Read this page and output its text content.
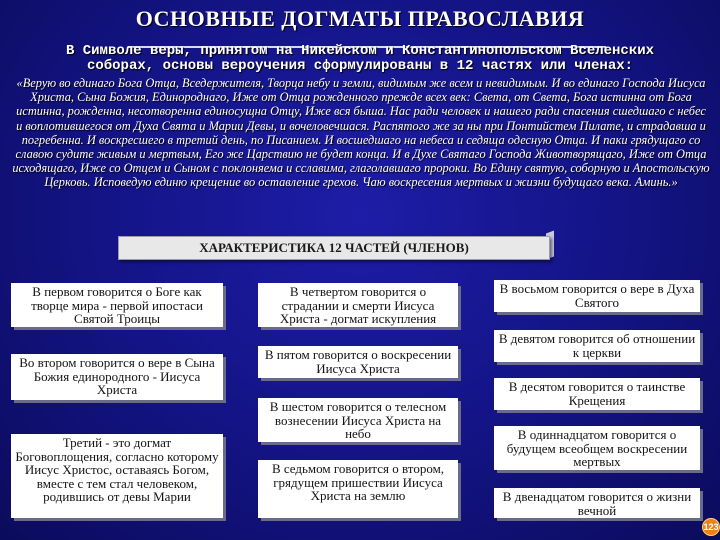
ОСНОВНЫЕ ДОГМАТЫ ПРАВОСЛАВИЯ
В Символе веры, принятом на Никейском и Константинопольском Вселенских соборах, основы вероучения сформулированы в 12 частях или членах:
«Верую во единаго Бога Отца, Вседержителя, Творца небу и земли, видимым же всем и невидимым. И во единаго Господа Иисуса Христа, Сына Божия, Единороднаго, Иже от Отца рожденного прежде всех век: Света, от Света, Бога истинна от Бога истинна, рожденна, несотворенна единосущна Отцу, Иже вся быша. Нас ради человек и нашего ради спасения сшедшаго с небес и воплотившегося от Духа Свята и Марии Девы, и вочеловечшася. Распятого же за ны при Понтийстем Пилате, и страдавша и погребенна. И воскресшего в третий день, по Писанием. И восшедшаго на небеса и седяща одесную Отца. И паки грядущаго со славою судите живым и мертвым, Его же Царствию не будет конца. И в Духе Святаго Господа Животворящаго, Иже от Отца исходящаго, Иже со Отцем и Сыном с поклоняема и сславима, глаголавшаго пророки. Во Едину святую, соборную и Апостольскую Церковь. Исповедую единю крещение во оставление грехов. Чаю воскресения мертвых и жизни будущаго века. Аминь.»
ХАРАКТЕРИСТИКА 12 ЧАСТЕЙ (ЧЛЕНОВ)
В первом говорится о Боге как творце мира - первой ипостаси Святой Троицы
Во втором говорится о вере в Сына Божия единородного - Иисуса Христа
Третий - это догмат Боговоплощения, согласно которому Иисус Христос, оставаясь Богом, вместе с тем стал человеком, родившись от девы Марии
В четвертом говорится о страдании и смерти Иисуса Христа - догмат искупления
В пятом говорится о воскресении Иисуса Христа
В шестом говорится о телесном вознесении Иисуса Христа на небо
В седьмом говорится о втором, грядущем пришествии Иисуса Христа на землю
В восьмом говорится о вере в Духа Святого
В девятом говорится об отношении к церкви
В десятом говорится о таинстве Крещения
В одиннадцатом говорится о будущем всеобщем воскресении мертвых
В двенадцатом говорится о жизни вечной
123
